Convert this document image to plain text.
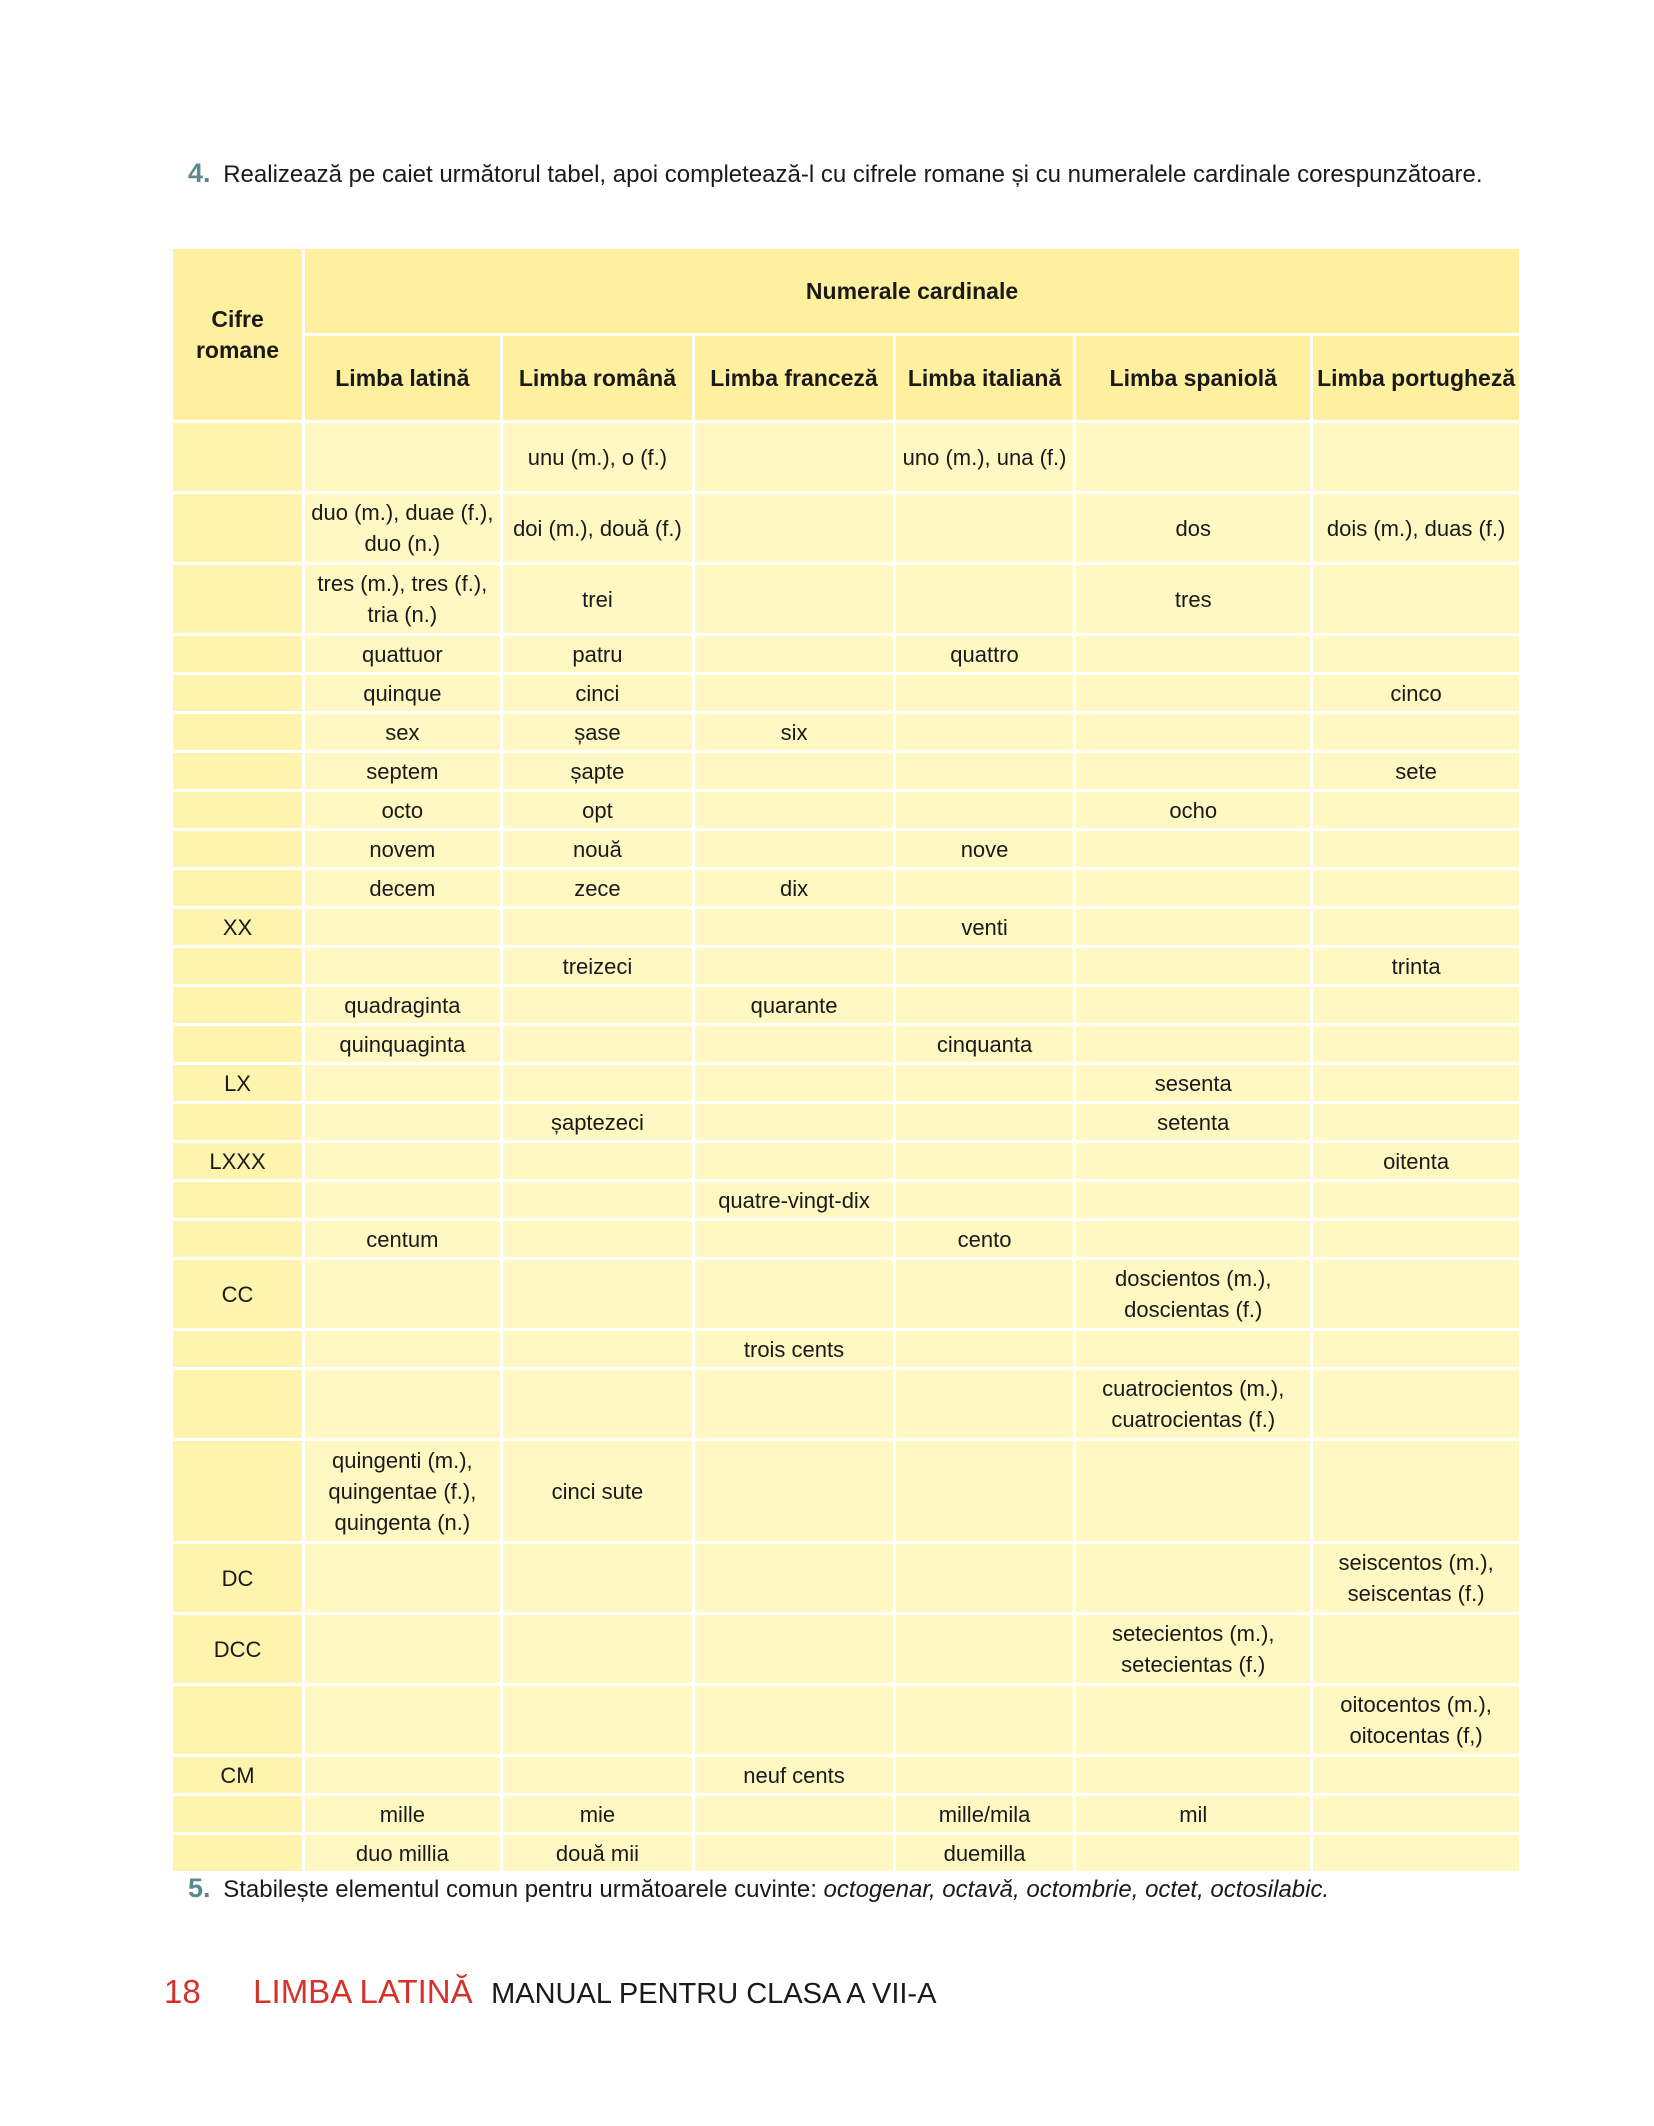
4. Realizează pe caiet următorul tabel, apoi completează-l cu cifrele romane și cu numeralele cardinale corespunzătoare.
Cifre romane	Numerale cardinale					
	Limba latină	Limba română	Limba franceză	Limba italiană	Limba spaniolă	Limba portugheză
		unu (m.), o (f.)		uno (m.), una (f.)		
	duo (m.), duae (f.), duo (n.)	doi (m.), două (f.)			dos	dois (m.), duas (f.)
	tres (m.), tres (f.), tria (n.)	trei			tres	
	quattuor	patru		quattro		
	quinque	cinci				cinco
	sex	șase	six			
	septem	șapte				sete
	octo	opt			ocho	
	novem	nouă		nove		
	decem	zece	dix			
XX				venti		
		treizeci				trinta
	quadraginta		quarante			
	quinquaginta			cinquanta		
LX					sesenta	
		șaptezeci			setenta	
LXXX						oitenta
			quatre-vingt-dix			
	centum			cento		
CC					doscientos (m.), doscientas (f.)	
			trois cents			
					cuatrocientos (m.), cuatrocientas (f.)	
	quingenti (m.), quingentae (f.), quingenta (n.)	cinci sute				
DC						seiscentos (m.), seiscentas (f.)
DCC					setecientos (m.), setecientas (f.)	
						oitocentos (m.), oitocentas (f,)
CM			neuf cents			
	mille	mie		mille/mila	mil	
	duo millia	două mii		duemilla		
5. Stabilește elementul comun pentru următoarele cuvinte: octogenar, octavă, octombrie, octet, octosilabic.
18 LIMBA LATINĂ MANUAL PENTRU CLASA A VII-A
